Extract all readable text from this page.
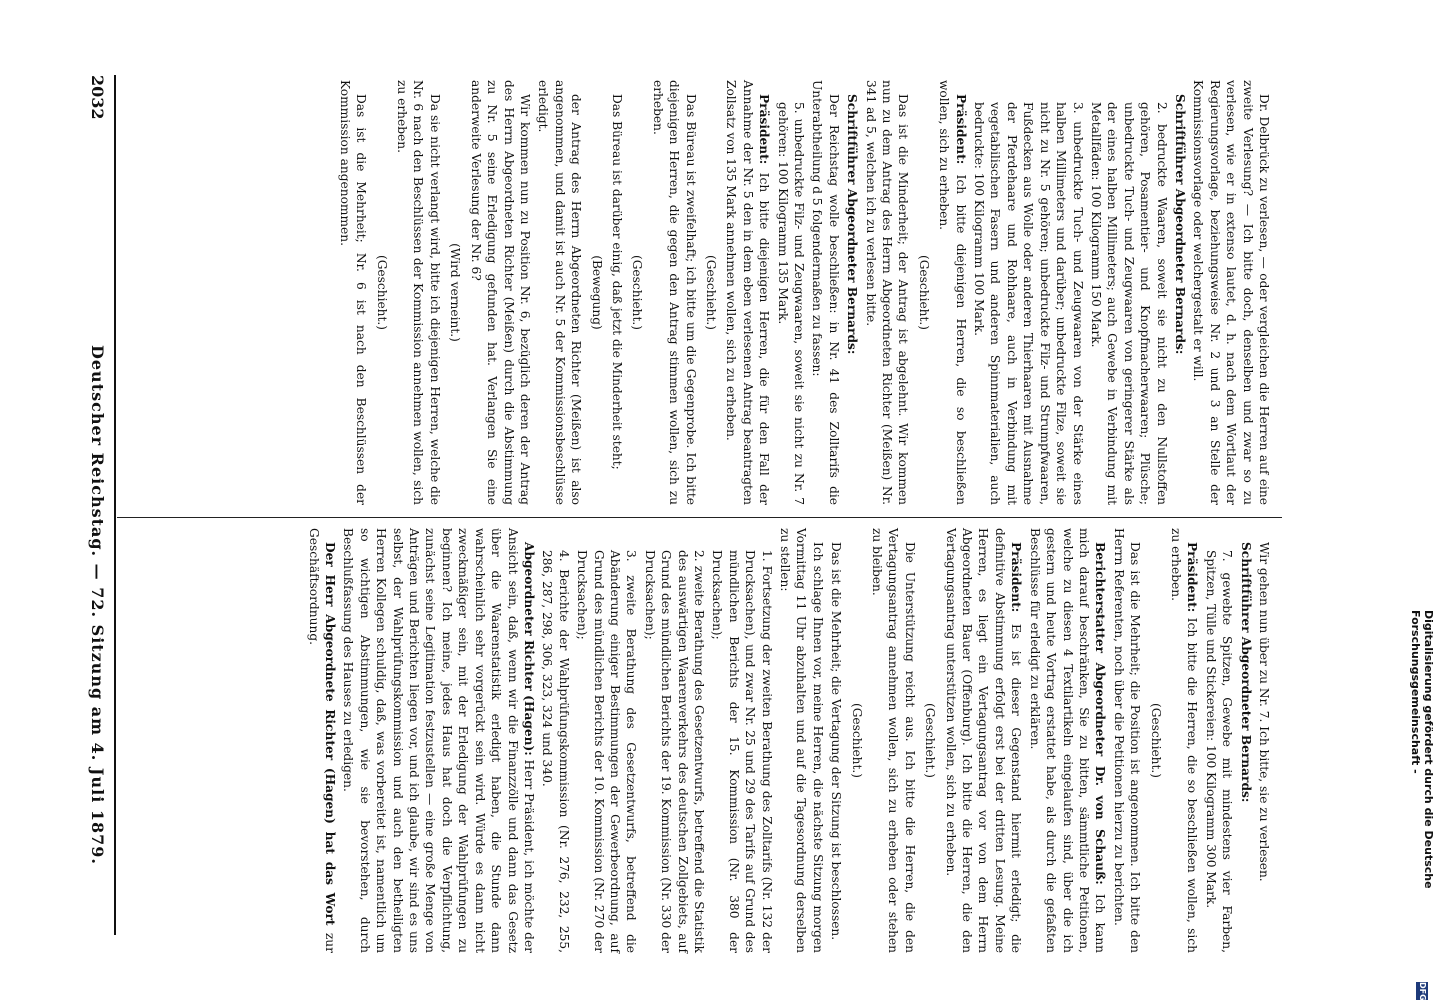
Digitalisierung gefördert durch die Deutsche Forschungsgemeinschaft -
DFG

Dr. Delbrück zu verlesen, — oder vergleichen die Herren auf eine zweite Verlesung? — Ich bitte doch, denselben und zwar so zu verlesen, wie er in extenso lautet, d. h. nach dem Wortlaut der Regierungsvorlage, beziehungsweise Nr. 2 und 3 an Stelle der Kommissionsvorlage oder welchergestalt er will.

Schriftführer Abgeordneter Bernards:

2. bedruckte Waaren, soweit sie nicht zu den Nullstoffen gehören, Posamentier- und Knopfmacherwaaren; Plüsche; unbedruckte Tuch- und Zeugwaaren von geringerer Stärke als der eines halben Millimeters; auch Gewebe in Verbindung mit Metallfäden: 100 Kilogramm 150 Mark.

3. unbedruckte Tuch- und Zeugwaaren von der Stärke eines halben Millimeters und darüber; unbedruckte Filze, soweit sie nicht zu Nr. 5 gehören; unbedruckte Filz- und Strumpfwaaren, Fußdecken aus Wolle oder anderen Thierhaaren mit Ausnahme der Pferdehaare und Rohhaare, auch in Verbindung mit vegetabilischen Fasern und anderen Spinnmaterialien, auch bedruckte: 100 Kilogramm 100 Mark.

Präsident: Ich bitte diejenigen Herren, die so beschließen wollen, sich zu erheben.

(Geschieht.)

Das ist die Minderheit; der Antrag ist abgelehnt. Wir kommen nun zu dem Antrag des Herrn Abgeordneten Richter (Meißen) Nr. 341 ad 5, welchen ich zu verlesen bitte.

Schriftführer Abgeordneter Bernards:

Der Reichstag wolle beschließen: in Nr. 41 des Zolltarifs die Unterabtheilung d 5 folgendermaßen zu fassen:

5. unbedruckte Filz- und Zeugwaaren, soweit sie nicht zu Nr. 7 gehören: 100 Kilogramm 135 Mark.

Präsident: Ich bitte diejenigen Herren, die für den Fall der Annahme der Nr. 5 den in dem eben verlesenen Antrag beantragten Zollsatz von 135 Mark annehmen wollen, sich zu erheben.

(Geschieht.)

Das Büreau ist zweifelhaft; ich bitte um die Gegenprobe. Ich bitte diejenigen Herren, die gegen den Antrag stimmen wollen, sich zu erheben.

(Geschieht.)

Das Büreau ist darüber einig, daß jetzt die Minderheit steht;

(Bewegung)

der Antrag des Herrn Abgeordneten Richter (Meißen) ist also angenommen, und damit ist auch Nr. 5 der Kommissionsbeschlüsse erledigt.

Wir kommen nun zu Position Nr. 6, bezüglich deren der Antrag des Herrn Abgeordneten Richter (Meißen) durch die Abstimmung zu Nr. 5 seine Erledigung gefunden hat. Verlangen Sie eine anderweite Verlesung der Nr. 6?

(Wird verneint.)

Da sie nicht verlangt wird, bitte ich diejenigen Herren, welche die Nr. 6 nach den Beschlüssen der Kommission annehmen wollen, sich zu erheben.

(Geschieht.)

Das ist die Mehrheit; Nr. 6 ist nach den Beschlüssen der Kommission angenommen.

Wir gehen nun über zu Nr. 7. Ich bitte, sie zu verlesen.

Schriftführer Abgeordneter Bernards:

7. gewebte Spitzen, Gewebe mit mindestens vier Farben, Spitzen, Tülle und Stickereien: 100 Kilogramm 300 Mark.

Präsident: Ich bitte die Herren, die so beschließen wollen, sich zu erheben.

(Geschieht.)

Das ist die Mehrheit; die Position ist angenommen. Ich bitte den Herrn Referenten, noch über die Petitionen hierzu zu berichten.

Berichterstatter Abgeordneter Dr. von Schauß: Ich kann mich darauf beschränken, Sie zu bitten, sämmtliche Petitionen, welche zu diesen 4 Textilartikeln eingelaufen sind, über die ich gestern und heute Vortrag erstattet habe, als durch die gefaßten Beschlüsse für erledigt zu erklären.

Präsident: Es ist dieser Gegenstand hiermit erledigt; die definitive Abstimmung erfolgt erst bei der dritten Lesung. Meine Herren, es liegt ein Vertagungsantrag vor von dem Herrn Abgeordneten Bauer (Offenburg). Ich bitte die Herren, die den Vertagungsantrag unterstützen wollen, sich zu erheben.

(Geschieht.)

Die Unterstützung reicht aus. Ich bitte die Herren, die den Vertagungsantrag annehmen wollen, sich zu erheben oder stehen zu bleiben.

(Geschieht.)

Das ist die Mehrheit; die Vertagung der Sitzung ist beschlossen.

Ich schlage Ihnen vor, meine Herren, die nächste Sitzung morgen Vormittag 11 Uhr abzuhalten und auf die Tagesordnung derselben zu stellen:

1. Fortsetzung der zweiten Berathung des Zolltarifs (Nr. 132 der Drucksachen), und zwar Nr. 25 und 29 des Tarifs auf Grund des mündlichen Berichts der 15. Kommission (Nr. 380 der Drucksachen);

2. zweite Berathung des Gesetzentwurfs, betreffend die Statistik des auswärtigen Waarenverkehrs des deutschen Zollgebiets, auf Grund des mündlichen Berichts der 19. Kommission (Nr. 330 der Drucksachen);

3. zweite Berathung des Gesetzentwurfs, betreffend die Abänderung einiger Bestimmungen der Gewerbeordnung, auf Grund des mündlichen Berichts der 10. Kommission (Nr. 270 der Drucksachen);

4. Berichte der Wahlprüfungskommission (Nr. 276, 232, 255, 286, 287, 298, 306, 323, 324 und 340.

Abgeordneter Richter (Hagen): Herr Präsident, ich möchte der Ansicht sein, daß, wenn wir die Finanzzölle und dann das Gesetz über die Waarenstatistik erledigt haben, die Stunde dann wahrscheinlich sehr vorgerückt sein wird. Würde es dann nicht zweckmäßiger sein, mit der Erledigung der Wahlprüfungen zu beginnen? Ich meine, jedes Haus hat doch die Verpflichtung, zunächst seine Legitimation festzustellen — eine große Menge von Anträgen und Berichten liegen vor, und ich glaube, wir sind es uns selbst, der Wahlprüfungskommission und auch den betheiligten Herren Kollegen schuldig, daß, was vorbereitet ist, namentlich um so wichtigen Abstimmungen, wie sie bevorstehen, durch Beschlußfassung des Hauses zu erledigen.

Der Herr Abgeordnete Richter (Hagen) hat das Wort zur Geschäftsordnung.

2032
Deutscher Reichstag. — 72. Sitzung am 4. Juli 1879.
